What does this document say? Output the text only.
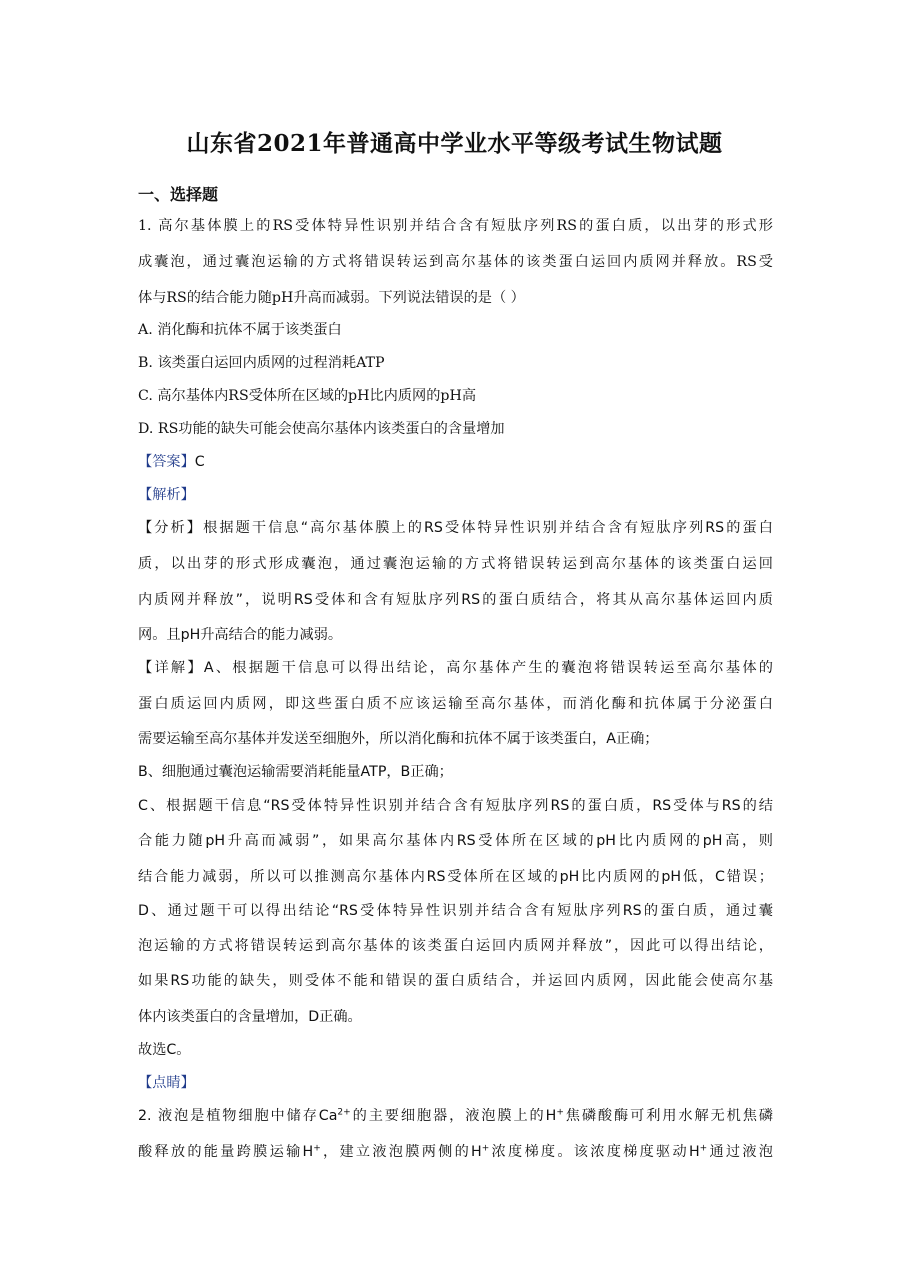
山东省2021年普通高中学业水平等级考试生物试题
一、选择题
1. 高尔基体膜上的RS受体特异性识别并结合含有短肽序列RS的蛋白质，以出芽的形式形
成囊泡，通过囊泡运输的方式将错误转运到高尔基体的该类蛋白运回内质网并释放。RS受
体与RS的结合能力随pH升高而减弱。下列说法错误的是（ ）
A. 消化酶和抗体不属于该类蛋白
B. 该类蛋白运回内质网的过程消耗ATP
C. 高尔基体内RS受体所在区域的pH比内质网的pH高
D. RS功能的缺失可能会使高尔基体内该类蛋白的含量增加
【答案】C
【解析】
【分析】根据题干信息“高尔基体膜上的RS受体特异性识别并结合含有短肽序列RS的蛋白
质，以出芽的形式形成囊泡，通过囊泡运输的方式将错误转运到高尔基体的该类蛋白运回
内质网并释放”，说明RS受体和含有短肽序列RS的蛋白质结合，将其从高尔基体运回内质
网。且pH升高结合的能力减弱。
【详解】A、根据题干信息可以得出结论，高尔基体产生的囊泡将错误转运至高尔基体的
蛋白质运回内质网，即这些蛋白质不应该运输至高尔基体，而消化酶和抗体属于分泌蛋白
需要运输至高尔基体并发送至细胞外，所以消化酶和抗体不属于该类蛋白，A正确；
B、细胞通过囊泡运输需要消耗能量ATP，B正确；
C、根据题干信息“RS受体特异性识别并结合含有短肽序列RS的蛋白质，RS受体与RS的结
合能力随pH升高而减弱”，如果高尔基体内RS受体所在区域的pH比内质网的pH高，则
结合能力减弱，所以可以推测高尔基体内RS受体所在区域的pH比内质网的pH低，C错误；
D、通过题干可以得出结论“RS受体特异性识别并结合含有短肽序列RS的蛋白质，通过囊
泡运输的方式将错误转运到高尔基体的该类蛋白运回内质网并释放”，因此可以得出结论，
如果RS功能的缺失，则受体不能和错误的蛋白质结合，并运回内质网，因此能会使高尔基
体内该类蛋白的含量增加，D正确。
故选C。
【点睛】
2. 液泡是植物细胞中储存$Ca^{2+}$的主要细胞器，液泡膜上的H+焦磷酸酶可利用水解无机焦磷
酸释放的能量跨膜运输H+，建立液泡膜两侧的H+浓度梯度。该浓度梯度驱动H+通过液泡
